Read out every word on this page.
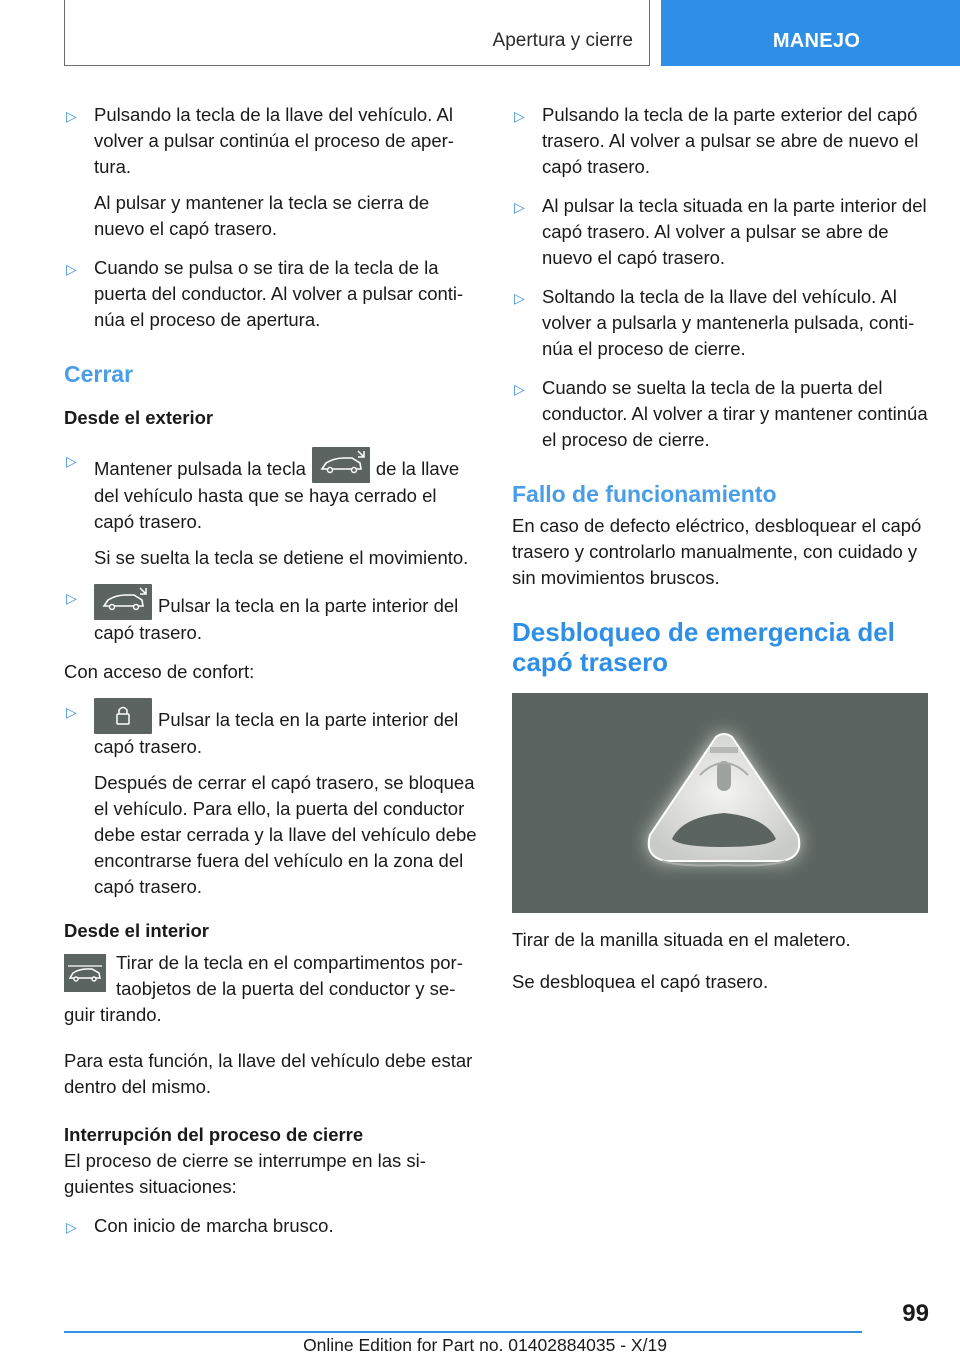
Apertura y cierre	MANEJO
▷ Pulsando la tecla de la llave del vehículo. Al volver a pulsar continúa el proceso de apertura.
Al pulsar y mantener la tecla se cierra de nuevo el capó trasero.
▷ Cuando se pulsa o se tira de la tecla de la puerta del conductor. Al volver a pulsar continúa el proceso de apertura.
Cerrar
Desde el exterior
▷ Mantener pulsada la tecla	de la llave del vehículo hasta que se haya cerrado el capó trasero.
Si se suelta la tecla se detiene el movimiento.
▷	Pulsar la tecla en la parte interior del capó trasero.
Con acceso de confort:
▷	Pulsar la tecla en la parte interior del capó trasero.
Después de cerrar el capó trasero, se bloquea el vehículo. Para ello, la puerta del conductor debe estar cerrada y la llave del vehículo debe encontrarse fuera del vehículo en la zona del capó trasero.
Desde el interior
Tirar de la tecla en el compartimentos portaobjetos de la puerta del conductor y seguir tirando.
Para esta función, la llave del vehículo debe estar dentro del mismo.
Interrupción del proceso de cierre
El proceso de cierre se interrumpe en las siguientes situaciones:
▷ Con inicio de marcha brusco.
▷ Pulsando la tecla de la parte exterior del capó trasero. Al volver a pulsar se abre de nuevo el capó trasero.
▷ Al pulsar la tecla situada en la parte interior del capó trasero. Al volver a pulsar se abre de nuevo el capó trasero.
▷ Soltando la tecla de la llave del vehículo. Al volver a pulsarla y mantenerla pulsada, continúa el proceso de cierre.
▷ Cuando se suelta la tecla de la puerta del conductor. Al volver a tirar y mantener continúa el proceso de cierre.
Fallo de funcionamiento
En caso de defecto eléctrico, desbloquear el capó trasero y controlarlo manualmente, con cuidado y sin movimientos bruscos.
Desbloqueo de emergencia del capó trasero
Tirar de la manilla situada en el maletero.
Se desbloquea el capó trasero.
99
Online Edition for Part no. 01402884035 - X/19
